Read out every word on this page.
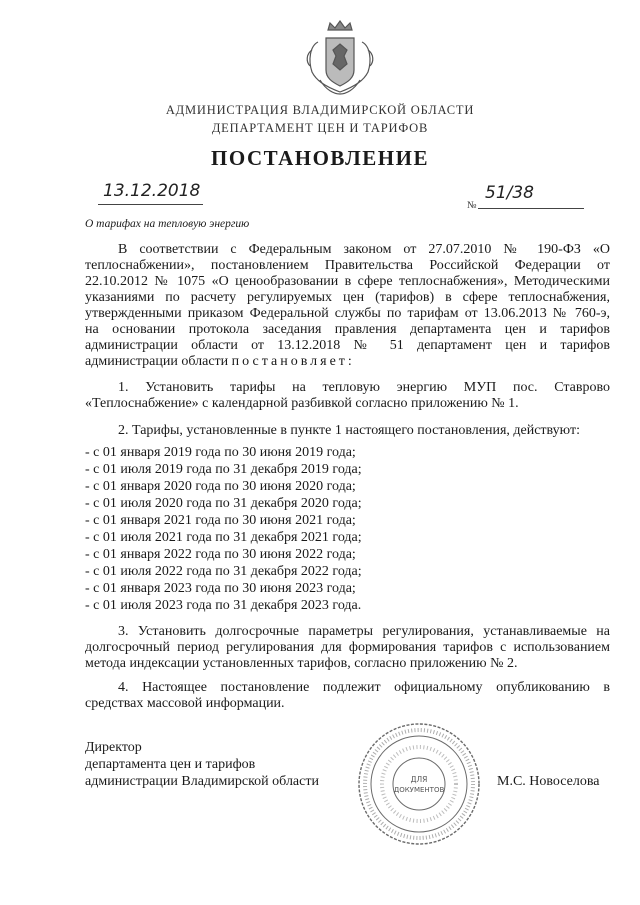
АДМИНИСТРАЦИЯ ВЛАДИМИРСКОЙ ОБЛАСТИ
ДЕПАРТАМЕНТ ЦЕН И ТАРИФОВ
ПОСТАНОВЛЕНИЕ
13.12.2018
№
51/38
О тарифах на тепловую энергию
В соответствии с Федеральным законом от 27.07.2010 № 190-ФЗ «О
теплоснабжении», постановлением Правительства Российской Федерации от
22.10.2012 № 1075 «О ценообразовании в сфере теплоснабжения», Методическими
указаниями по расчету регулируемых цен (тарифов) в сфере теплоснабжения,
утвержденными приказом Федеральной службы по тарифам от 13.06.2013 № 760-э,
на основании протокола заседания правления департамента цен и тарифов
администрации области от 13.12.2018 № 51 департамент цен и тарифов
администрации области постановляет:
1. Установить тарифы на тепловую энергию МУП пос. Ставрово
«Теплоснабжение» с календарной разбивкой согласно приложению № 1.
2. Тарифы, установленные в пункте 1 настоящего постановления, действуют:
- с 01 января 2019 года по 30 июня 2019 года;
- с 01 июля 2019 года по 31 декабря 2019 года;
- с 01 января 2020 года по 30 июня 2020 года;
- с 01 июля 2020 года по 31 декабря 2020 года;
- с 01 января 2021 года по 30 июня 2021 года;
- с 01 июля 2021 года по 31 декабря 2021 года;
- с 01 января 2022 года по 30 июня 2022 года;
- с 01 июля 2022 года по 31 декабря 2022 года;
- с 01 января 2023 года по 30 июня 2023 года;
- с 01 июля 2023 года по 31 декабря 2023 года.
3. Установить долгосрочные параметры регулирования, устанавливаемые на
долгосрочный период регулирования для формирования тарифов с использованием
метода индексации установленных тарифов, согласно приложению № 2.
4. Настоящее постановление подлежит официальному опубликованию в
средствах массовой информации.
Директор
департамента цен и тарифов
администрации Владимирской области	ДЛЯ
ДОКУМЕНТОВ
М.С. Новоселова
